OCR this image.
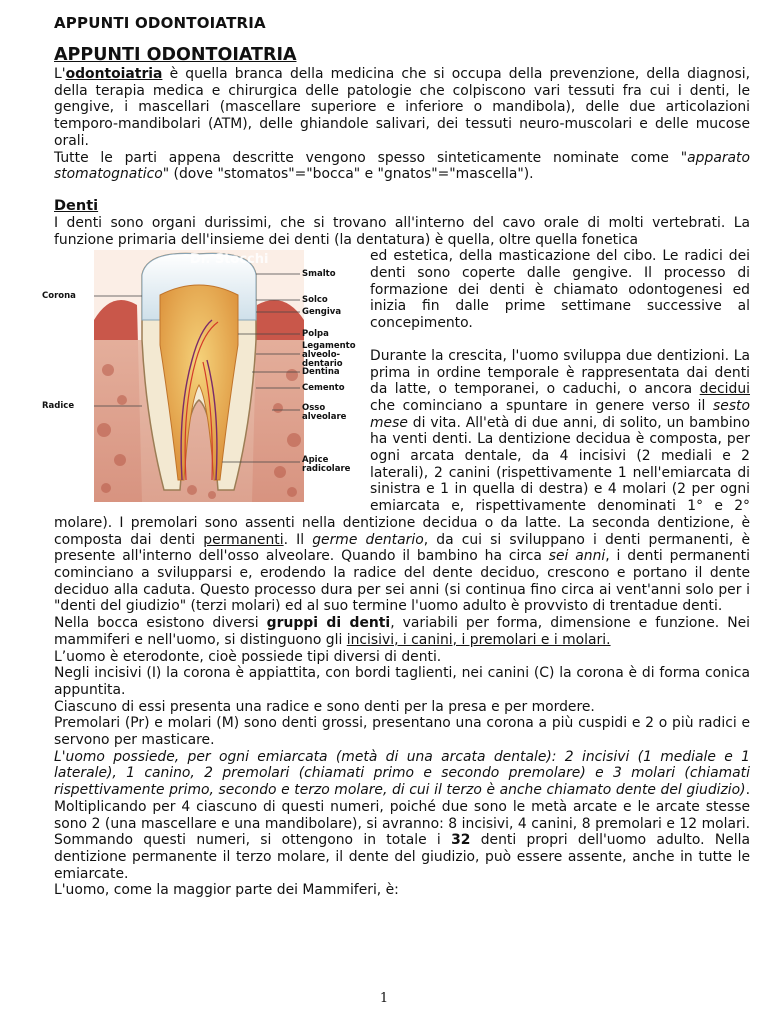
APPUNTI ODONTOIATRIA
APPUNTI ODONTOIATRIA

L'odontoiatria è quella branca della medicina che si occupa della prevenzione, della diagnosi, della terapia medica e chirurgica delle patologie che colpiscono vari tessuti fra cui i denti, le gengive, i mascellari (mascellare superiore e inferiore o mandibola), delle due articolazioni temporo-mandibolari (ATM), delle ghiandole salivari, dei tessuti neuro-muscolari e delle mucose orali.

Tutte le parti appena descritte vengono spesso sinteticamente nominate come "apparato stomatognatico" (dove "stomatos"="bocca" e "gnatos"="mascella").

Denti

I denti sono organi durissimi, che si trovano all'interno del cavo orale di molti vertebrati. La funzione primaria dell'insieme dei denti (la dentatura) è quella, oltre quella fonetica

Dr. Stocchi
Corona
Radice
Smalto
Solco
Gengiva
Polpa
Legamento
alveolo-
dentario
Dentina
Cemento
Osso
alveolare
Apice
radicolare

ed estetica, della masticazione del cibo. Le radici dei denti sono coperte dalle gengive. Il processo di formazione dei denti è chiamato odontogenesi ed inizia fin dalle prime settimane successive al concepimento.

Durante la crescita, l'uomo sviluppa due dentizioni. La prima in ordine temporale è rappresentata dai denti da latte, o temporanei, o caduchi, o ancora decidui che cominciano a spuntare in genere verso il sesto mese di vita. All'età di due anni, di solito, un bambino ha venti denti. La dentizione decidua è composta, per ogni arcata dentale, da 4 incisivi (2 mediali e 2 laterali), 2 canini (rispettivamente 1 nell'emiarcata di sinistra e 1 in quella di destra) e 4 molari (2 per ogni emiarcata e, rispettivamente denominati 1° e 2° molare). I premolari sono assenti nella dentizione decidua o da latte. La seconda dentizione, è composta dai denti permanenti. Il germe dentario, da cui si sviluppano i denti permanenti, è presente all'interno dell'osso alveolare. Quando il bambino ha circa sei anni, i denti permanenti cominciano a svilupparsi e, erodendo la radice del dente deciduo, crescono e portano il dente deciduo alla caduta. Questo processo dura per sei anni (si continua fino circa ai vent'anni solo per i "denti del giudizio" (terzi molari) ed al suo termine l'uomo adulto è provvisto di trentadue denti.

Nella bocca esistono diversi gruppi di denti, variabili per forma, dimensione e funzione. Nei mammiferi e nell'uomo, si distinguono gli incisivi, i canini, i premolari e i molari.

L’uomo è eterodonte, cioè possiede tipi diversi di denti.

Negli incisivi (I) la corona è appiattita, con bordi taglienti, nei canini (C) la corona è di forma conica appuntita.

Ciascuno di essi presenta una radice e sono denti per la presa e per mordere.

Premolari (Pr) e molari (M) sono denti grossi, presentano una corona a più cuspidi e 2 o più radici e servono per masticare.

L'uomo possiede, per ogni emiarcata (metà di una arcata dentale): 2 incisivi (1 mediale e 1 laterale), 1 canino, 2 premolari (chiamati primo e secondo premolare) e 3 molari (chiamati rispettivamente primo, secondo e terzo molare, di cui il terzo è anche chiamato dente del giudizio). Moltiplicando per 4 ciascuno di questi numeri, poiché due sono le metà arcate e le arcate stesse sono 2 (una mascellare e una mandibolare), si avranno: 8 incisivi, 4 canini, 8 premolari e 12 molari. Sommando questi numeri, si ottengono in totale i 32 denti propri dell'uomo adulto. Nella dentizione permanente il terzo molare, il dente del giudizio, può essere assente, anche in tutte le emiarcate.

L'uomo, come la maggior parte dei Mammiferi, è:

1
